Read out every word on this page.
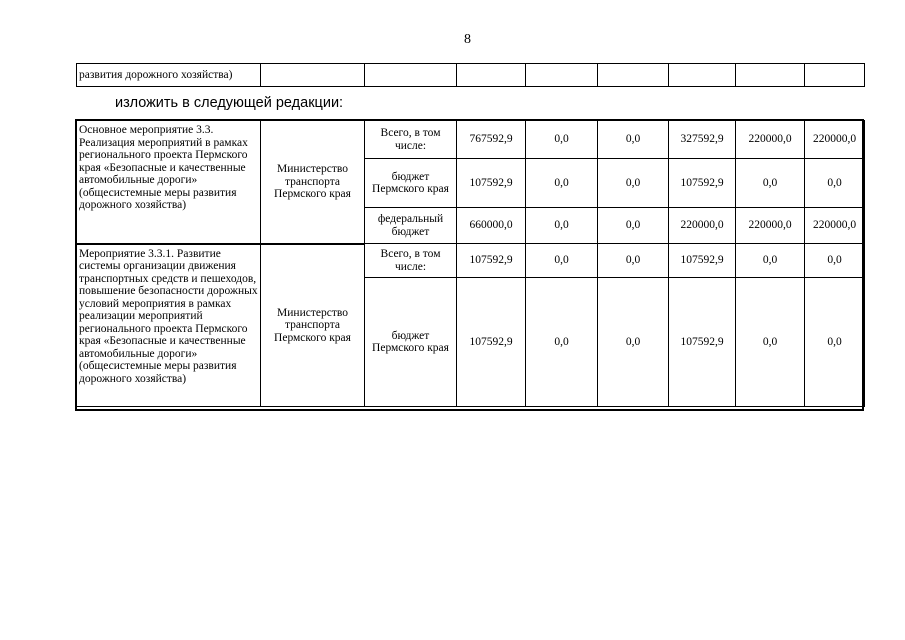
8
развития дорожного хозяйства)								
изложить в следующей редакции:
Основное мероприятие 3.3. Реализация мероприятий в рамках регионального проекта Пермского края «Безопасные и качественные автомобильные дороги» (общесистемные меры развития дорожного хозяйства)	Министерство транспорта Пермского края	Всего, в том числе:	767592,9	0,0	0,0	327592,9	220000,0	220000,0
		бюджет Пермского края	107592,9	0,0	0,0	107592,9	0,0	0,0
		федеральный бюджет	660000,0	0,0	0,0	220000,0	220000,0	220000,0
Мероприятие 3.3.1. Развитие системы организации движения транспортных средств и пешеходов, повышение безопасности дорожных условий мероприятия в рамках реализации мероприятий регионального проекта Пермского края «Безопасные и качественные автомобильные дороги» (общесистемные меры развития дорожного хозяйства)	Министерство транспорта Пермского края	Всего, в том числе:	107592,9	0,0	0,0	107592,9	0,0	0,0
		бюджет Пермского края	107592,9	0,0	0,0	107592,9	0,0	0,0
